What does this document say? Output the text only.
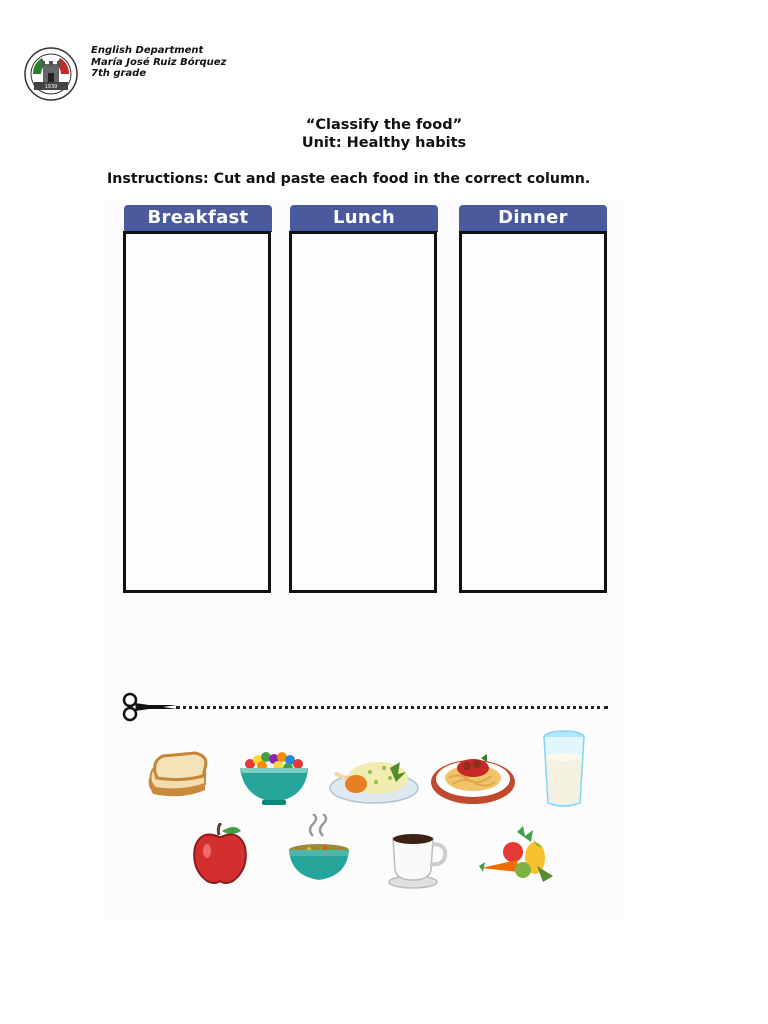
1939
English Department
María José Ruiz Bórquez
7th grade
“Classify the food”
Unit: Healthy habits
Instructions: Cut and paste each food in the correct column.
Breakfast	Lunch	Dinner
